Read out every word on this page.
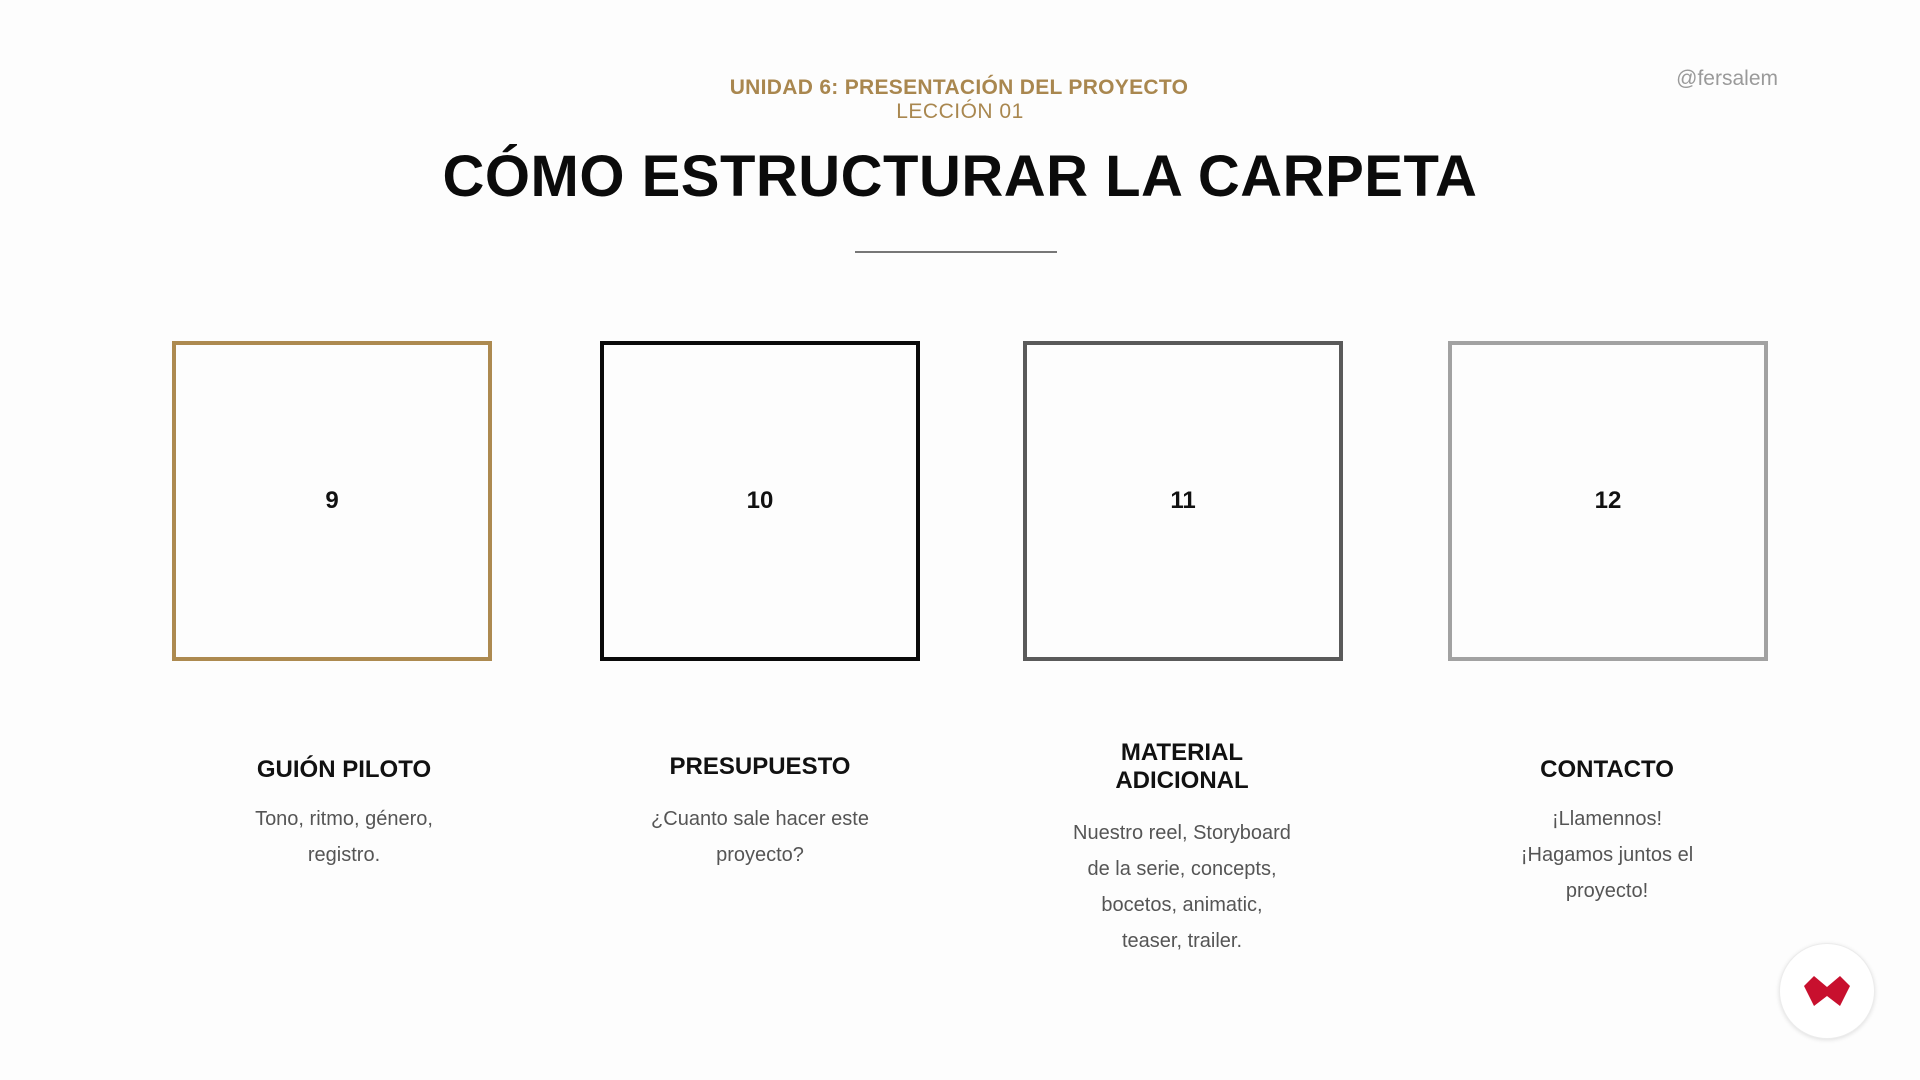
UNIDAD 6: PRESENTACIÓN DEL PROYECTO
LECCIÓN 01
@fersalem
CÓMO ESTRUCTURAR LA CARPETA
9	10	11	12
GUIÓN PILOTO
Tono, ritmo, género,
registro.
PRESUPUESTO
¿Cuanto sale hacer este
proyecto?
MATERIAL
ADICIONAL
Nuestro reel, Storyboard
de la serie, concepts,
bocetos, animatic,
teaser, trailer.
CONTACTO
¡Llamennos!
¡Hagamos juntos el
proyecto!
